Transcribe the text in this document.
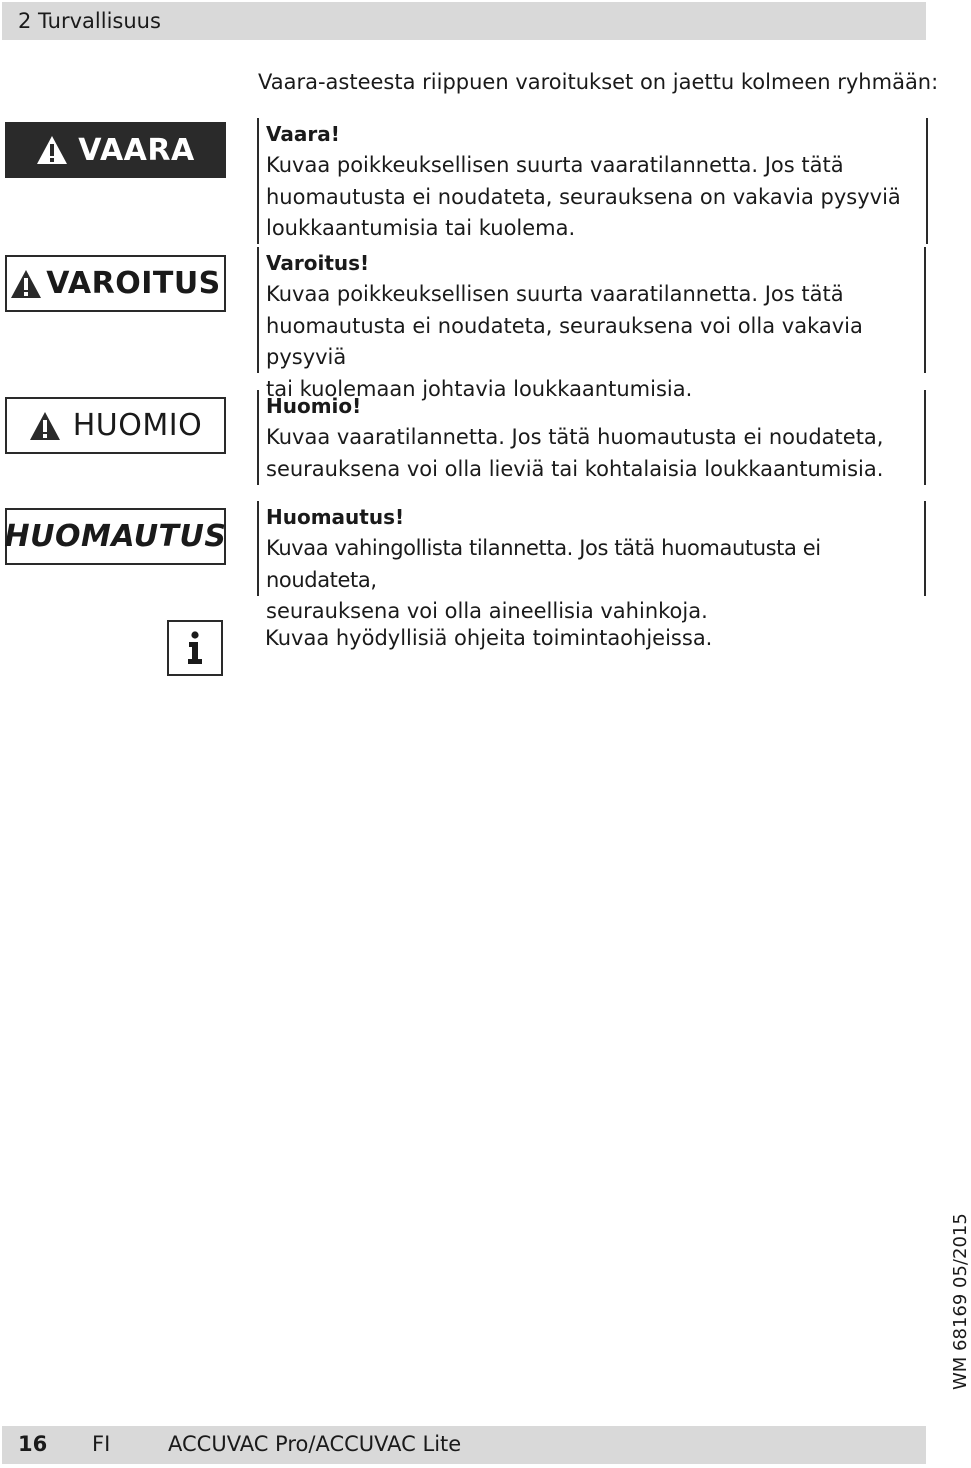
2 Turvallisuus
Vaara-asteesta riippuen varoitukset on jaettu kolmeen ryhmään:
VAARA
VAROITUS
HUOMIO
HUOMAUTUS
Vaara!
Kuvaa poikkeuksellisen suurta vaaratilannetta. Jos tätä
huomautusta ei noudateta, seurauksena on vakavia pysyviä
loukkaantumisia tai kuolema.
Varoitus!
Kuvaa poikkeuksellisen suurta vaaratilannetta. Jos tätä
huomautusta ei noudateta, seurauksena voi olla vakavia pysyviä
tai kuolemaan johtavia loukkaantumisia.
Huomio!
Kuvaa vaaratilannetta. Jos tätä huomautusta ei noudateta,
seurauksena voi olla lieviä tai kohtalaisia loukkaantumisia.
Huomautus!
Kuvaa vahingollista tilannetta. Jos tätä huomautusta ei noudateta,
seurauksena voi olla aineellisia vahinkoja.
Kuvaa hyödyllisiä ohjeita toimintaohjeissa.
WM 68169 05/2015
16 FI	ACCUVAC Pro/ACCUVAC Lite
